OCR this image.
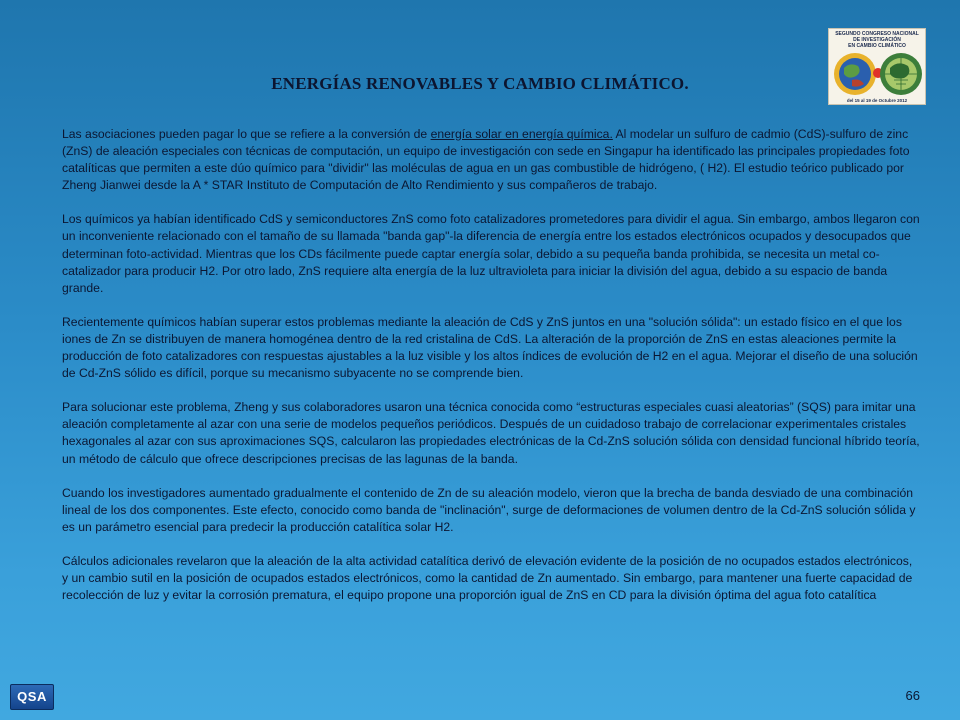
ENERGÍAS RENOVABLES Y CAMBIO CLIMÁTICO.
SEGUNDO CONGRESO NACIONAL
DE INVESTIGACIÓN
EN CAMBIO CLIMÁTICO
del 15 al 19 de Octubre 2012

Las asociaciones pueden pagar lo que se refiere a la conversión de energía solar en energía química. Al modelar un sulfuro de cadmio (CdS)-sulfuro de zinc (ZnS) de aleación especiales con técnicas de computación, un equipo de investigación con sede en Singapur ha identificado las principales propiedades foto catalíticas que permiten a este dúo químico para "dividir" las moléculas de agua en un gas combustible de hidrógeno, ( H2). El estudio teórico publicado por Zheng Jianwei desde la A * STAR Instituto de Computación de Alto Rendimiento y sus compañeros de trabajo.

Los químicos ya habían identificado CdS y semiconductores ZnS como foto catalizadores prometedores para dividir el agua. Sin embargo, ambos llegaron con un inconveniente relacionado con el tamaño de su llamada "banda gap"-la diferencia de energía entre los estados electrónicos ocupados y desocupados que determinan foto-actividad. Mientras que los CDs fácilmente puede captar energía solar, debido a su pequeña banda prohibida, se necesita un metal co-catalizador para producir H2. Por otro lado, ZnS requiere alta energía de la luz ultravioleta para iniciar la división del agua, debido a su espacio de banda grande.

Recientemente químicos habían superar estos problemas mediante la aleación de CdS y ZnS juntos en una "solución sólida": un estado físico en el que los iones de Zn se distribuyen de manera homogénea dentro de la red cristalina de CdS. La alteración de la proporción de ZnS en estas aleaciones permite la producción de foto catalizadores con respuestas ajustables a la luz visible y los altos índices de evolución de H2 en el agua. Mejorar el diseño de una solución de Cd-ZnS sólido es difícil, porque su mecanismo subyacente no se comprende bien.

Para solucionar este problema, Zheng y sus colaboradores usaron una técnica conocida como “estructuras especiales cuasi aleatorias” (SQS) para imitar una aleación completamente al azar con una serie de modelos pequeños periódicos. Después de un cuidadoso trabajo de correlacionar experimentales cristales hexagonales al azar con sus aproximaciones SQS, calcularon las propiedades electrónicas de la Cd-ZnS solución sólida con densidad funcional híbrido teoría, un método de cálculo que ofrece descripciones precisas de las lagunas de la banda.

Cuando los investigadores aumentado gradualmente el contenido de Zn de su aleación modelo, vieron que la brecha de banda desviado de una combinación lineal de los dos componentes. Este efecto, conocido como banda de "inclinación", surge de deformaciones de volumen dentro de la Cd-ZnS solución sólida y es un parámetro esencial para predecir la producción catalítica solar H2.

Cálculos adicionales revelaron que la aleación de la alta actividad catalítica derivó de elevación evidente de la posición de no ocupados estados electrónicos, y un cambio sutil en la posición de ocupados estados electrónicos, como la cantidad de Zn aumentado. Sin embargo, para mantener una fuerte capacidad de recolección de luz y evitar la corrosión prematura, el equipo propone una proporción igual de ZnS en CD para la división óptima del agua foto catalítica

QSA	66
